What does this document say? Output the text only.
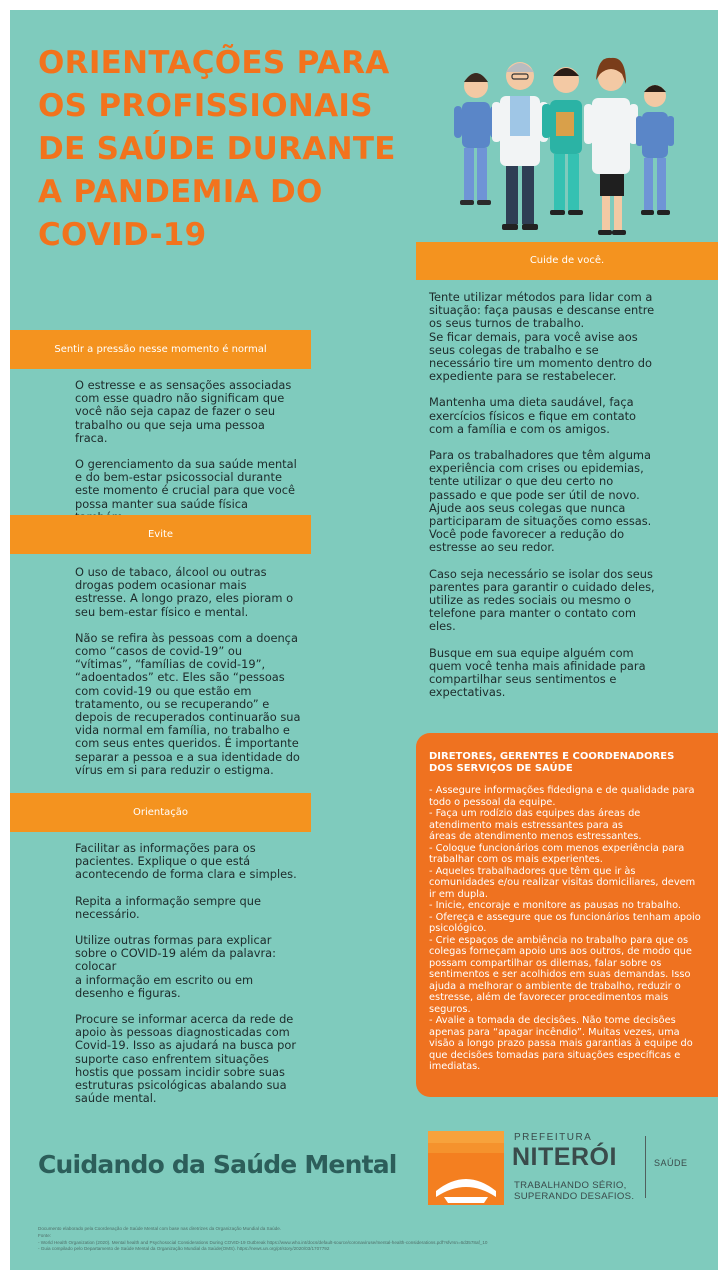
ORIENTAÇÕES PARA OS PROFISSIONAIS DE SAÚDE DURANTE A PANDEMIA DO COVID-19
Sentir a pressão nesse momento é normal

O estresse e as sensações associadas com esse quadro não significam que você não seja capaz de fazer o seu trabalho ou que seja uma pessoa fraca.

O gerenciamento da sua saúde mental e do bem-estar psicossocial durante este momento é crucial para que você possa manter sua saúde física

Evite

O uso de tabaco, álcool ou outras drogas podem ocasionar mais estresse. A longo prazo, eles pioram o seu bem-estar físico e mental.

Não se refira às pessoas com a doença como “casos de covid-19” ou “vítimas”, “famílias de covid-19”, “adoentados” etc. Eles são “pessoas com covid-19 ou que estão em tratamento, ou se recuperando” e depois de recuperados continuarão sua vida normal em família, no trabalho e com seus entes queridos. É importante separar a pessoa e a sua identidade do vírus em si para reduzir o estigma.

Orientação

Facilitar as informações para os pacientes. Explique o que está acontecendo de forma clara e simples.

Repita a informação sempre que necessário.

Utilize outras formas para explicar sobre o COVID-19 além da palavra: colocar
a informação em escrito ou em desenho e figuras.

Procure se informar acerca da rede de apoio às pessoas diagnosticadas com Covid-19. Isso as ajudará na busca por suporte caso enfrentem situações hostis que possam incidir sobre suas estruturas psicológicas abalando sua saúde mental.

Cuide de você.

Tente utilizar métodos para lidar com a situação: faça pausas e descanse entre os seus turnos de trabalho.
Se ficar demais, para você avise aos seus colegas de trabalho e se necessário tire um momento dentro do expediente para se restabelecer.

Mantenha uma dieta saudável, faça exercícios físicos e fique em contato com a família e com os amigos.

Para os trabalhadores que têm alguma experiência com crises ou epidemias, tente utilizar o que deu certo no passado e que pode ser útil de novo. Ajude aos seus colegas que nunca participaram de situações como essas. Você pode favorecer a redução do estresse ao seu redor.

Caso seja necessário se isolar dos seus parentes para garantir o cuidado deles, utilize as redes sociais ou mesmo o telefone para manter o contato com eles.

Busque em sua equipe alguém com quem você tenha mais afinidade para compartilhar seus sentimentos e expectativas.

DIRETORES, GERENTES E COORDENADORES DOS SERVIÇOS DE SAÚDE
- Assegure informações fidedigna e de qualidade para todo o pessoal da equipe.
- Faça um rodízio das equipes das áreas de atendimento mais estressantes para as
áreas de atendimento menos estressantes.
- Coloque funcionários com menos experiência para trabalhar com os mais experientes.
- Aqueles trabalhadores que têm que ir às comunidades e/ou realizar visitas domiciliares, devem ir em dupla.
- Inicie, encoraje e monitore as pausas no trabalho.
- Ofereça e assegure que os funcionários tenham apoio psicológico.
- Crie espaços de ambiência no trabalho para que os colegas forneçam apoio uns aos outros, de modo que possam compartilhar os dilemas, falar sobre os sentimentos e ser acolhidos em suas demandas. Isso ajuda a melhorar o ambiente de trabalho, reduzir o estresse, além de favorecer procedimentos mais seguros.
- Avalie a tomada de decisões. Não tome decisões apenas para “apagar incêndio”. Muitas vezes, uma visão a longo prazo passa mais garantias à equipe do que decisões tomadas para situações específicas e imediatas.
Cuidando da Saúde Mental
PREFEITURA
NITERÓI	SAÚDE
TRABALHANDO SÉRIO,
SUPERANDO DESAFIOS.
Documento elaborado pela Coordenação de Saúde Mental com base nas diretrizes da Organização Mundial da Saúde.
Fonte:
- World Health Organization (2020). Mental health and Psychosocial Considerations During COVID-19 Outbreak https://www.who.int/docs/default-source/coronaviruse/mental-health-considerations.pdf?sfvrsn=6d3578af_10
- Guia compilado pelo Departamento de Saúde Mental da Organização Mundial da Saúde(OMS). https://news.un.org/pt/story/2020/03/1707792
